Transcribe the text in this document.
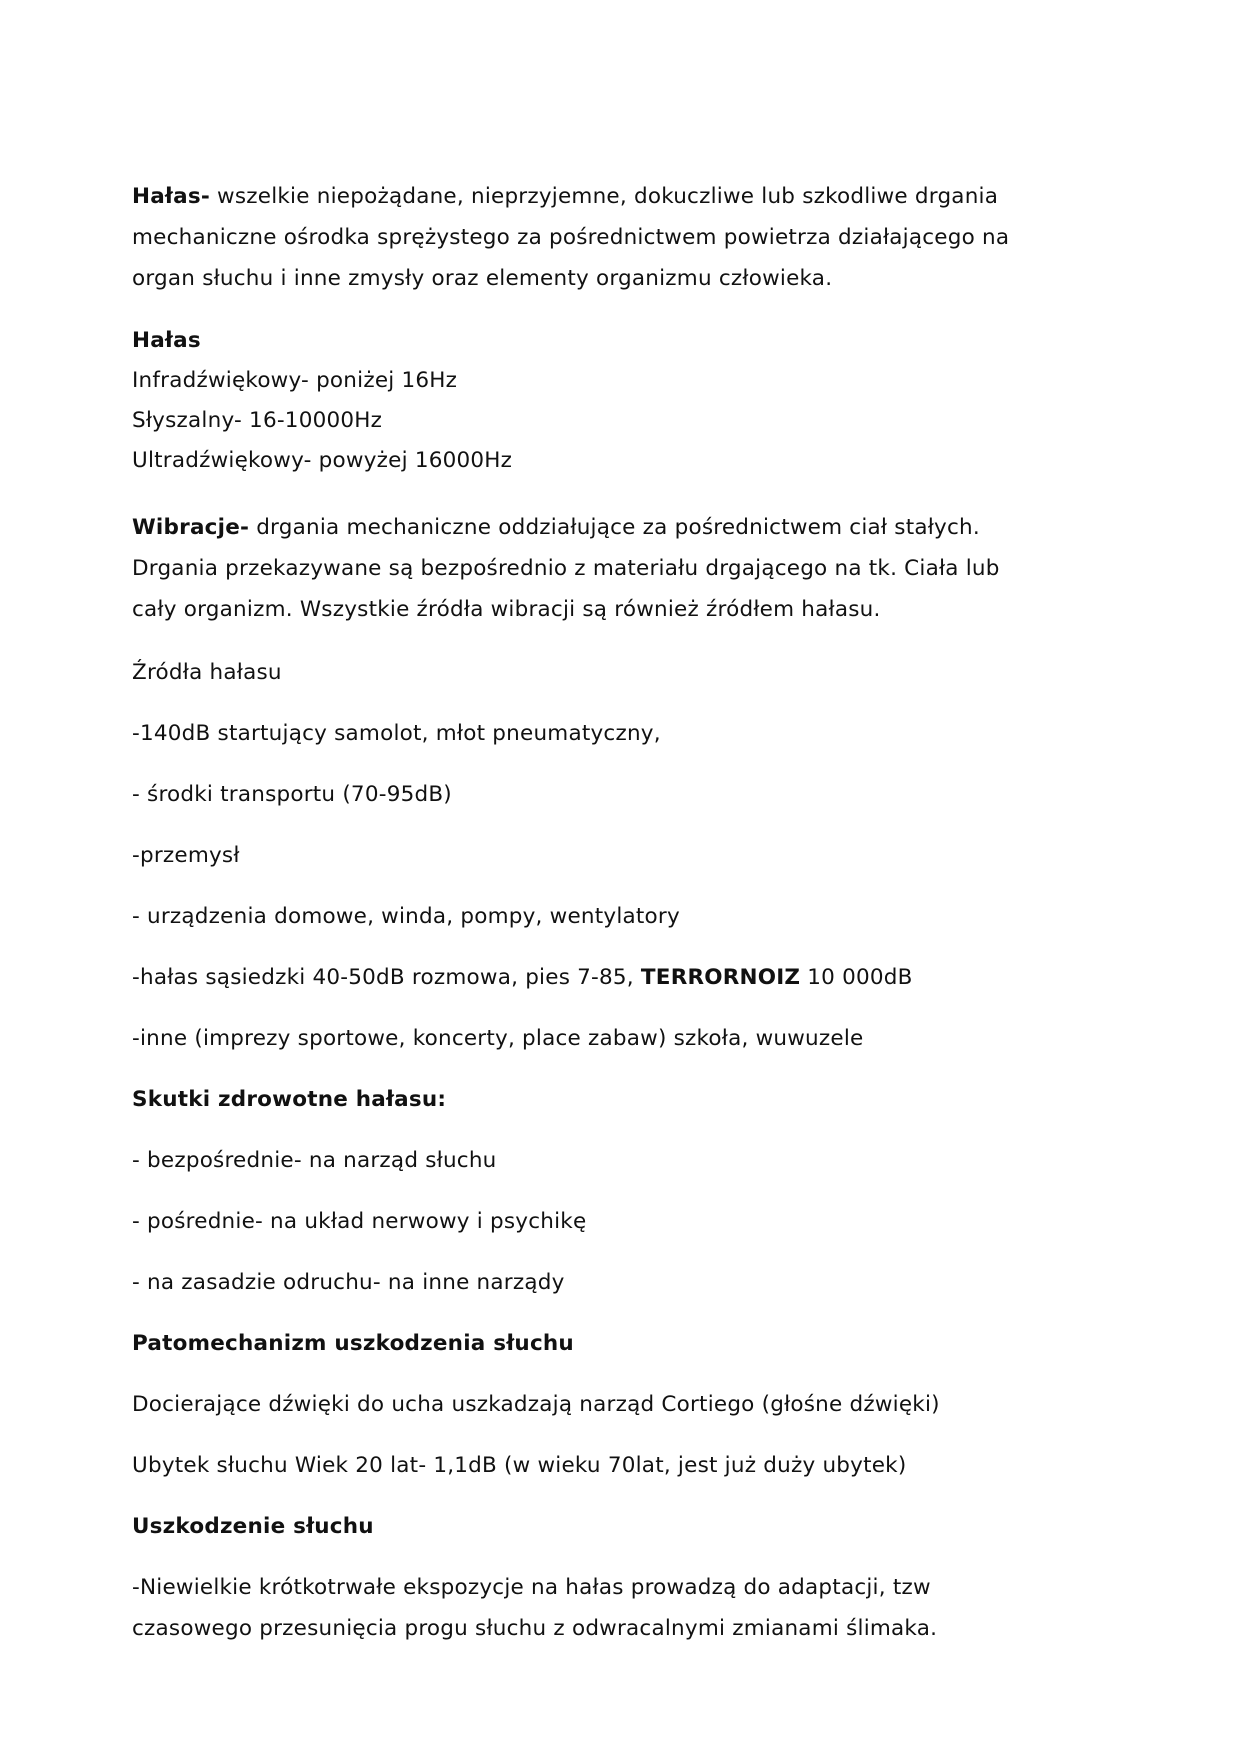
Hałas- wszelkie niepożądane, nieprzyjemne, dokuczliwe lub szkodliwe drgania mechaniczne ośrodka sprężystego za pośrednictwem powietrza działającego na organ słuchu i inne zmysły oraz elementy organizmu człowieka.

Hałas

Infradźwiękowy- poniżej 16Hz

Słyszalny- 16-10000Hz

Ultradźwiękowy- powyżej 16000Hz

Wibracje- drgania mechaniczne oddziałujące za pośrednictwem ciał stałych. Drgania przekazywane są bezpośrednio z materiału drgającego na tk. Ciała lub cały organizm. Wszystkie źródła wibracji są również źródłem hałasu.

Źródła hałasu

-140dB startujący samolot, młot pneumatyczny,

- środki transportu (70-95dB)

-przemysł

- urządzenia domowe, winda, pompy, wentylatory

-hałas sąsiedzki 40-50dB rozmowa, pies 7-85, TERRORNOIZ 10 000dB

-inne (imprezy sportowe, koncerty, place zabaw) szkoła, wuwuzele

Skutki zdrowotne hałasu:

- bezpośrednie- na narząd słuchu

- pośrednie- na układ nerwowy i psychikę

- na zasadzie odruchu- na inne narządy

Patomechanizm uszkodzenia słuchu

Docierające dźwięki do ucha uszkadzają narząd Cortiego (głośne dźwięki)

Ubytek słuchu Wiek 20 lat- 1,1dB (w wieku 70lat, jest już duży ubytek)

Uszkodzenie słuchu

-Niewielkie krótkotrwałe ekspozycje na hałas prowadzą do adaptacji, tzw czasowego przesunięcia progu słuchu z odwracalnymi zmianami ślimaka.
